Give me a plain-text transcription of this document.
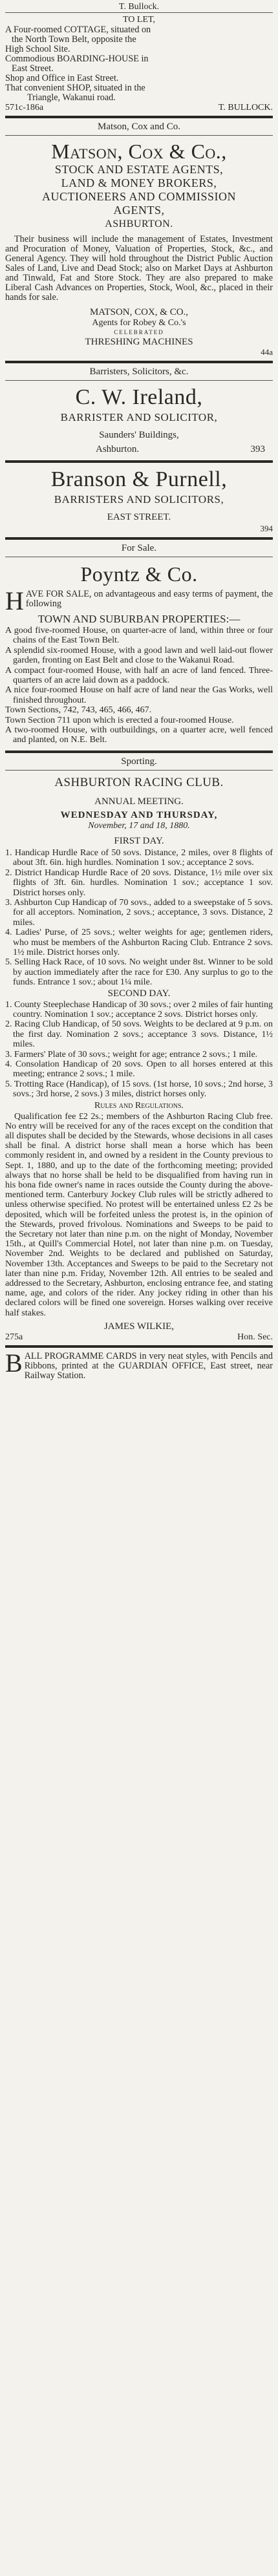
T. Bullock.
TO LET,
A Four-roomed COTTAGE, situated on
the North Town Belt, opposite the
High School Site.
Commodious BOARDING-HOUSE in
East Street.
Shop and Office in East Street.
That convenient SHOP, situated in the
Triangle, Wakanui road.
571c-186a	T. BULLOCK.
Matson, Cox and Co.
Matson, Cox & Co.,
STOCK AND ESTATE AGENTS,
LAND & MONEY BROKERS,
AUCTIONEERS AND COMMISSION
AGENTS,
ASHBURTON.

Their business will include the management of Estates, Investment and Procuration of Money, Valuation of Properties, Stock, &c., and General Agency. They will hold throughout the District Public Auction Sales of Land, Live and Dead Stock; also on Market Days at Ashburton and Tinwald, Fat and Store Stock. They are also prepared to make Liberal Cash Advances on Properties, Stock, Wool, &c., placed in their hands for sale.

MATSON, COX, & CO.,
Agents for Robey & Co.'s
CELEBRATED
THRESHING MACHINES
44a
Barristers, Solicitors, &c.
C. W. Ireland,
BARRISTER AND SOLICITOR,
Saunders' Buildings,
Ashburton.	393
Branson & Purnell,
BARRISTERS AND SOLICITORS,
EAST STREET.
394
For Sale.
Poyntz & Co.

HAVE FOR SALE, on advantageous and easy terms of payment, the following

TOWN AND SUBURBAN PROPERTIES:—

A good five-roomed House, on quarter-acre of land, within three or four chains of the East Town Belt.

A splendid six-roomed House, with a good lawn and well laid-out flower garden, fronting on East Belt and close to the Wakanui Road.

A compact four-roomed House, with half an acre of land fenced. Three-quarters of an acre laid down as a paddock.

A nice four-roomed House on half acre of land near the Gas Works, well finished throughout.

Town Sections, 742, 743, 465, 466, 467.

Town Section 711 upon which is erected a four-roomed House.

A two-roomed House, with outbuildings, on a quarter acre, well fenced and planted, on N.E. Belt.

Sporting.
ASHBURTON RACING CLUB.
ANNUAL MEETING.
WEDNESDAY AND THURSDAY,
November, 17 and 18, 1880.
FIRST DAY.

1. Handicap Hurdle Race of 50 sovs. Distance, 2 miles, over 8 flights of about 3ft. 6in. high hurdles. Nomination 1 sov.; acceptance 2 sovs.

2. District Handicap Hurdle Race of 20 sovs. Distance, 1½ mile over six flights of 3ft. 6in. hurdles. Nomination 1 sov.; acceptance 1 sov. District horses only.

3. Ashburton Cup Handicap of 70 sovs., added to a sweepstake of 5 sovs. for all acceptors. Nomination, 2 sovs.; acceptance, 3 sovs. Distance, 2 miles.

4. Ladies' Purse, of 25 sovs.; welter weights for age; gentlemen riders, who must be members of the Ashburton Racing Club. Entrance 2 sovs. 1½ mile. District horses only.

5. Selling Hack Race, of 10 sovs. No weight under 8st. Winner to be sold by auction immediately after the race for £30. Any surplus to go to the funds. Entrance 1 sov.; about 1¼ mile.

SECOND DAY.

1. County Steeplechase Handicap of 30 sovs.; over 2 miles of fair hunting country. Nomination 1 sov.; acceptance 2 sovs. District horses only.

2. Racing Club Handicap, of 50 sovs. Weights to be declared at 9 p.m. on the first day. Nomination 2 sovs.; acceptance 3 sovs. Distance, 1½ miles.

3. Farmers' Plate of 30 sovs.; weight for age; entrance 2 sovs.; 1 mile.

4. Consolation Handicap of 20 sovs. Open to all horses entered at this meeting; entrance 2 sovs.; 1 mile.

5. Trotting Race (Handicap), of 15 sovs. (1st horse, 10 sovs.; 2nd horse, 3 sovs.; 3rd horse, 2 sovs.) 3 miles, district horses only.

Rules and Regulations.

Qualification fee £2 2s.; members of the Ashburton Racing Club free. No entry will be received for any of the races except on the condition that all disputes shall be decided by the Stewards, whose decisions in all cases shall be final. A district horse shall mean a horse which has been commonly resident in, and owned by a resident in the County previous to Sept. 1, 1880, and up to the date of the forthcoming meeting; provided always that no horse shall be held to be disqualified from having run in his bona fide owner's name in races outside the County during the above-mentioned term. Canterbury Jockey Club rules will be strictly adhered to unless otherwise specified. No protest will be entertained unless £2 2s be deposited, which will be forfeited unless the protest is, in the opinion of the Stewards, proved frivolous. Nominations and Sweeps to be paid to the Secretary not later than nine p.m. on the night of Monday, November 15th., at Quill's Commercial Hotel, not later than nine p.m. on Tuesday, November 2nd. Weights to be declared and published on Saturday, November 13th. Acceptances and Sweeps to be paid to the Secretary not later than nine p.m. Friday, November 12th. All entries to be sealed and addressed to the Secretary, Ashburton, enclosing entrance fee, and stating name, age, and colors of the rider. Any jockey riding in other than his declared colors will be fined one sovereign. Horses walking over receive half stakes.

JAMES WILKIE,
275a	Hon. Sec.

BALL PROGRAMME CARDS in very neat styles, with Pencils and Ribbons, printed at the GUARDIAN OFFICE, East street, near Railway Station.
